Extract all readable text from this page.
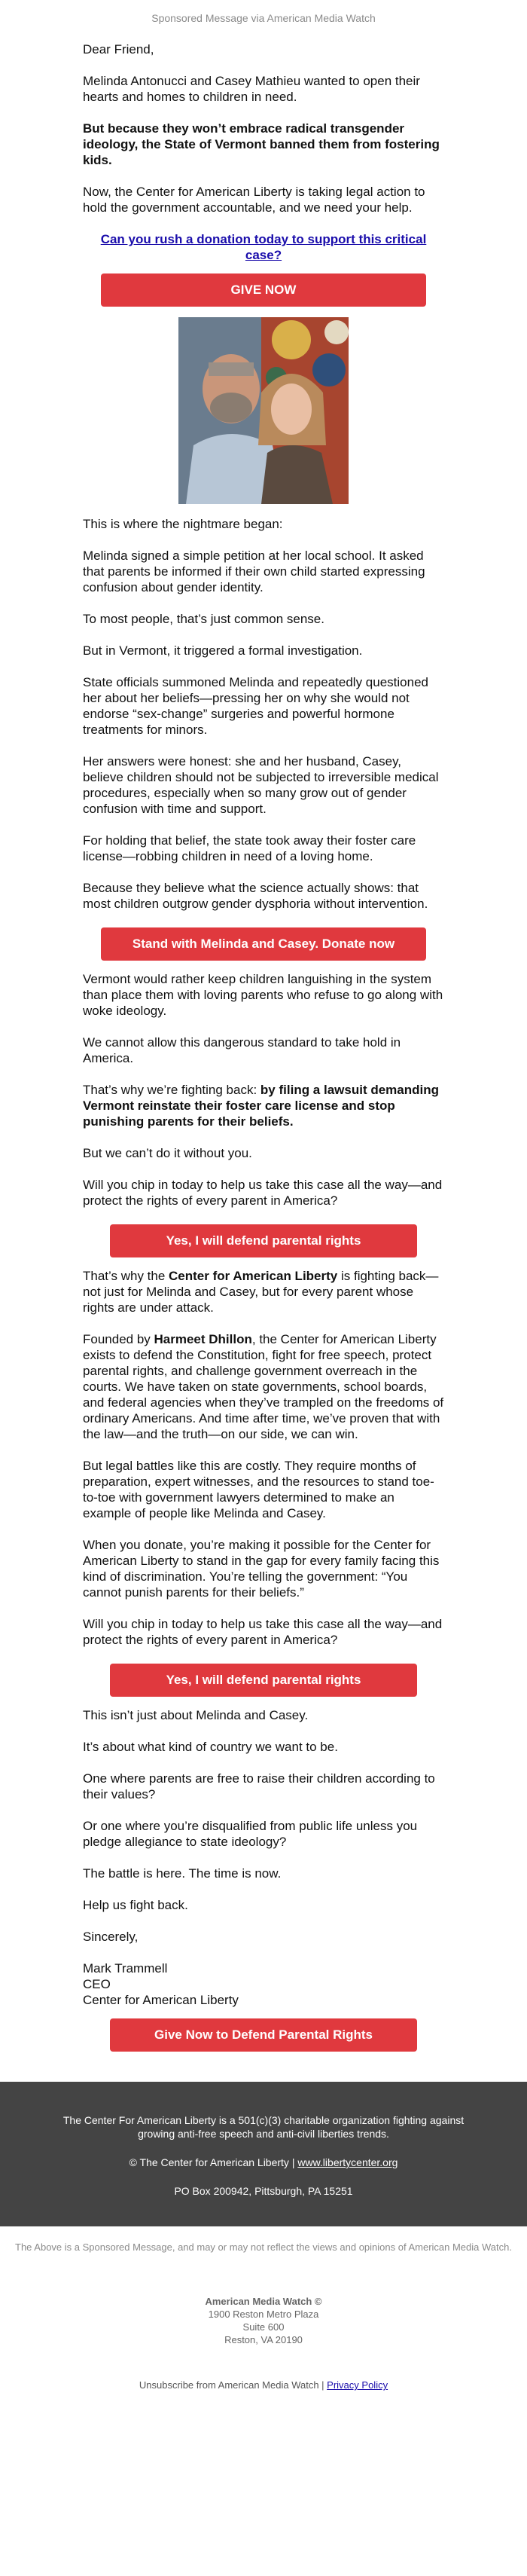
Sponsored Message via American Media Watch

Dear Friend,

Melinda Antonucci and Casey Mathieu wanted to open their hearts and homes to children in need.

But because they won’t embrace radical transgender ideology, the State of Vermont banned them from fostering kids.

Now, the Center for American Liberty is taking legal action to hold the government accountable, and we need your help.

Can you rush a donation today to support this critical case?
GIVE NOW

This is where the nightmare began:

Melinda signed a simple petition at her local school. It asked that parents be informed if their own child started expressing confusion about gender identity.

To most people, that’s just common sense.

But in Vermont, it triggered a formal investigation.

State officials summoned Melinda and repeatedly questioned her about her beliefs—pressing her on why she would not endorse “sex-change” surgeries and powerful hormone treatments for minors.

Her answers were honest: she and her husband, Casey, believe children should not be subjected to irreversible medical procedures, especially when so many grow out of gender confusion with time and support.

For holding that belief, the state took away their foster care license—robbing children in need of a loving home.

Because they believe what the science actually shows: that most children outgrow gender dysphoria without intervention.

Stand with Melinda and Casey. Donate now

Vermont would rather keep children languishing in the system than place them with loving parents who refuse to go along with woke ideology.

We cannot allow this dangerous standard to take hold in America.

That’s why we’re fighting back: by filing a lawsuit demanding Vermont reinstate their foster care license and stop punishing parents for their beliefs.

But we can’t do it without you.

Will you chip in today to help us take this case all the way—and protect the rights of every parent in America?

Yes, I will defend parental rights

That’s why the Center for American Liberty is fighting back—not just for Melinda and Casey, but for every parent whose rights are under attack.

Founded by Harmeet Dhillon, the Center for American Liberty exists to defend the Constitution, fight for free speech, protect parental rights, and challenge government overreach in the courts. We have taken on state governments, school boards, and federal agencies when they’ve trampled on the freedoms of ordinary Americans. And time after time, we’ve proven that with the law—and the truth—on our side, we can win.

But legal battles like this are costly. They require months of preparation, expert witnesses, and the resources to stand toe-to-toe with government lawyers determined to make an example of people like Melinda and Casey.

When you donate, you’re making it possible for the Center for American Liberty to stand in the gap for every family facing this kind of discrimination. You’re telling the government: “You cannot punish parents for their beliefs.”

Will you chip in today to help us take this case all the way—and protect the rights of every parent in America?

Yes, I will defend parental rights

This isn’t just about Melinda and Casey.

It’s about what kind of country we want to be.

One where parents are free to raise their children according to their values?

Or one where you’re disqualified from public life unless you pledge allegiance to state ideology?

The battle is here. The time is now.

Help us fight back.

Sincerely,

Mark Trammell
CEO
Center for American Liberty

Give Now to Defend Parental Rights

The Center For American Liberty is a 501(c)(3) charitable organization fighting against growing anti-free speech and anti-civil liberties trends.

© The Center for American Liberty | www.libertycenter.org

PO Box 200942, Pittsburgh, PA 15251

The Above is a Sponsored Message, and may or may not reflect the views and opinions of American Media Watch.
American Media Watch ©
1900 Reston Metro Plaza
Suite 600
Reston, VA 20190
Unsubscribe from American Media Watch | Privacy Policy
